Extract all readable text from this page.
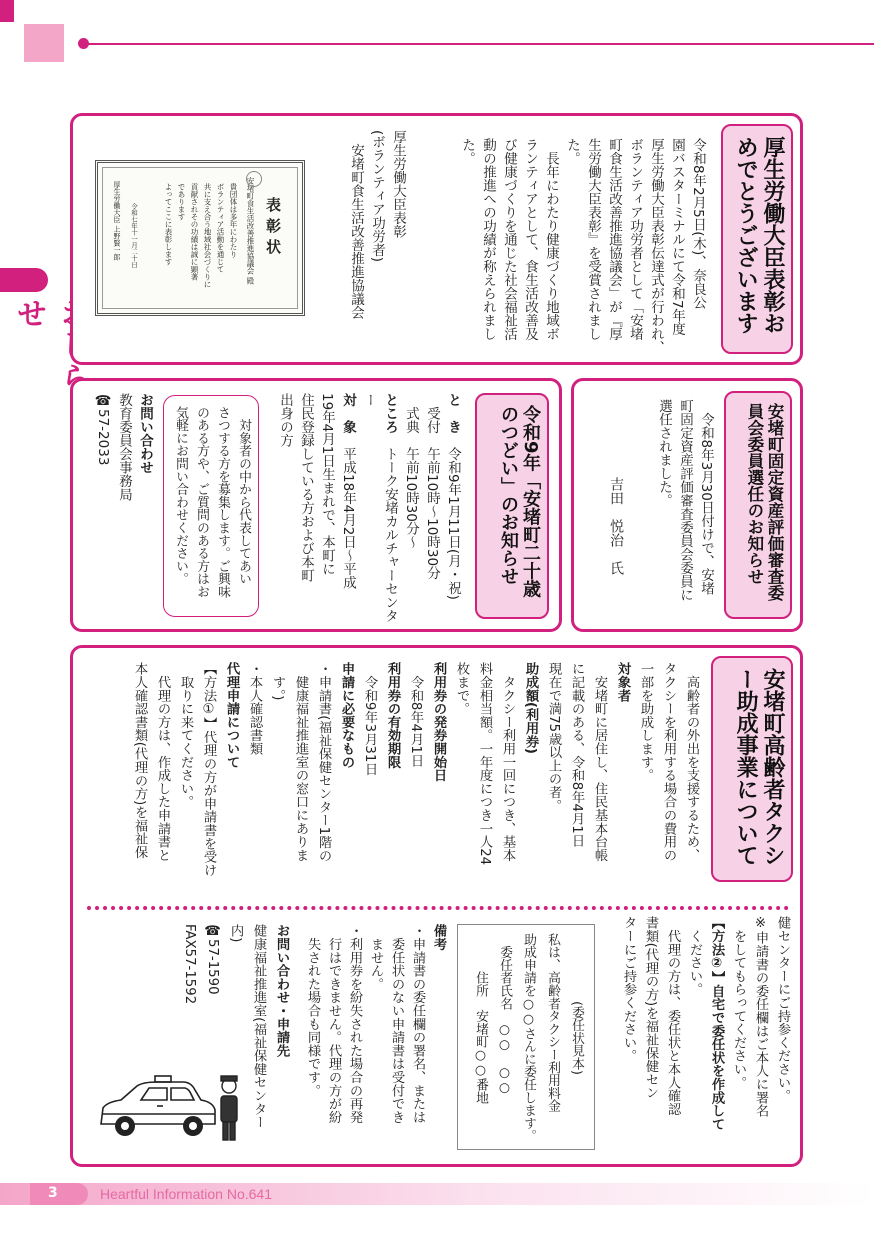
らせ	厚生労働大臣表彰おめでとうございます
令和8年2月5日(木)、奈良公
園バスターミナルにて令和7年度
厚生労働大臣表彰伝達式が行われ、
ボランティア功労者として「安堵
町食生活改善推進協議会」が『厚
生労働大臣表彰』を受賞されまし
た。
　長年にわたり健康づくり地域ボ
ランティアとして、食生活改善及
び健康づくりを通じた社会福祉活
動の推進への功績が称えられまし
た。
厚生労働大臣表彰
(ボランティア功労者)
　安堵町食生活改善推進協議会
表彰状
安堵町食生活改善推進協議会 殿
貴団体は多年にわたり
ボランティア活動を通じて
共に支え合う地域社会づくりに
貢献されその功績は誠に顕著
であります
よってここに表彰します
令和七年十一月二十日
厚生労働大臣 上野賢一郎
安堵町固定資産評価審査委員会委員選任のお知らせ
　令和8年3月30日付けで、安堵
町固定資産評価審査委員会委員に
選任されました。
吉田　悦治　氏
令和9年「安堵町二十歳のつどい」のお知らせ
と　き　令和9年1月11日(月・祝)
　受付　午前10時～10時30分
　式典　午前10時30分～
ところ　トーク安堵カルチャーセンター
対　象　平成18年4月2日～平成
19年4月1日生まれで、本町に
住民登録している方および本町
出身の方
　対象者の中から代表してあい
さつする方を募集します。ご興味
のある方や、ご質問のある方はお
気軽にお問い合わせください。
お問い合わせ
教育委員会事務局
☎57-2033
安堵町高齢者タクシー助成事業について
　高齢者の外出を支援するため、
タクシーを利用する場合の費用の
一部を助成します。
対象者
　安堵町に居住し、住民基本台帳
に記載のある、令和8年4月1日
現在で満75歳以上の者。
助成額(利用券)
　タクシー利用一回につき、基本
料金相当額。一年度につき一人24
枚まで。
利用券の発券開始日
　令和8年4月1日
利用券の有効期限
　令和9年3月31日
申請に必要なもの
・申請書(福祉保健センター1階の
　健康福祉推進室の窓口にありま
　す。)
・本人確認書類
代理申請について
【方法①】代理の方が申請書を受け
　取りに来てください。
　代理の方は、作成した申請書と
本人確認書類(代理の方)を福祉保
健センターにご持参ください。
※申請書の委任欄はご本人に署名
　をしてもらってください。
【方法②】自宅で委任状を作成して
　ください。
　代理の方は、委任状と本人確認
書類(代理の方)を福祉保健セン
ターにご持参ください。
(委任状見本)
私は、高齢者タクシー利用料金
助成申請を○○さんに委任します。
　委任者氏名　○○　○○
　　　住所　安堵町○○番地
備考
・申請書の委任欄の署名、または
　委任状のない申請書は受付でき
　ません。
・利用券を紛失された場合の再発
　行はできません。代理の方が紛
　失された場合も同様です。
お問い合わせ・申請先
健康福祉推進室(福祉保健センター内)
☎57-1590
FAX57-1592
3	Heartful Information No.641
